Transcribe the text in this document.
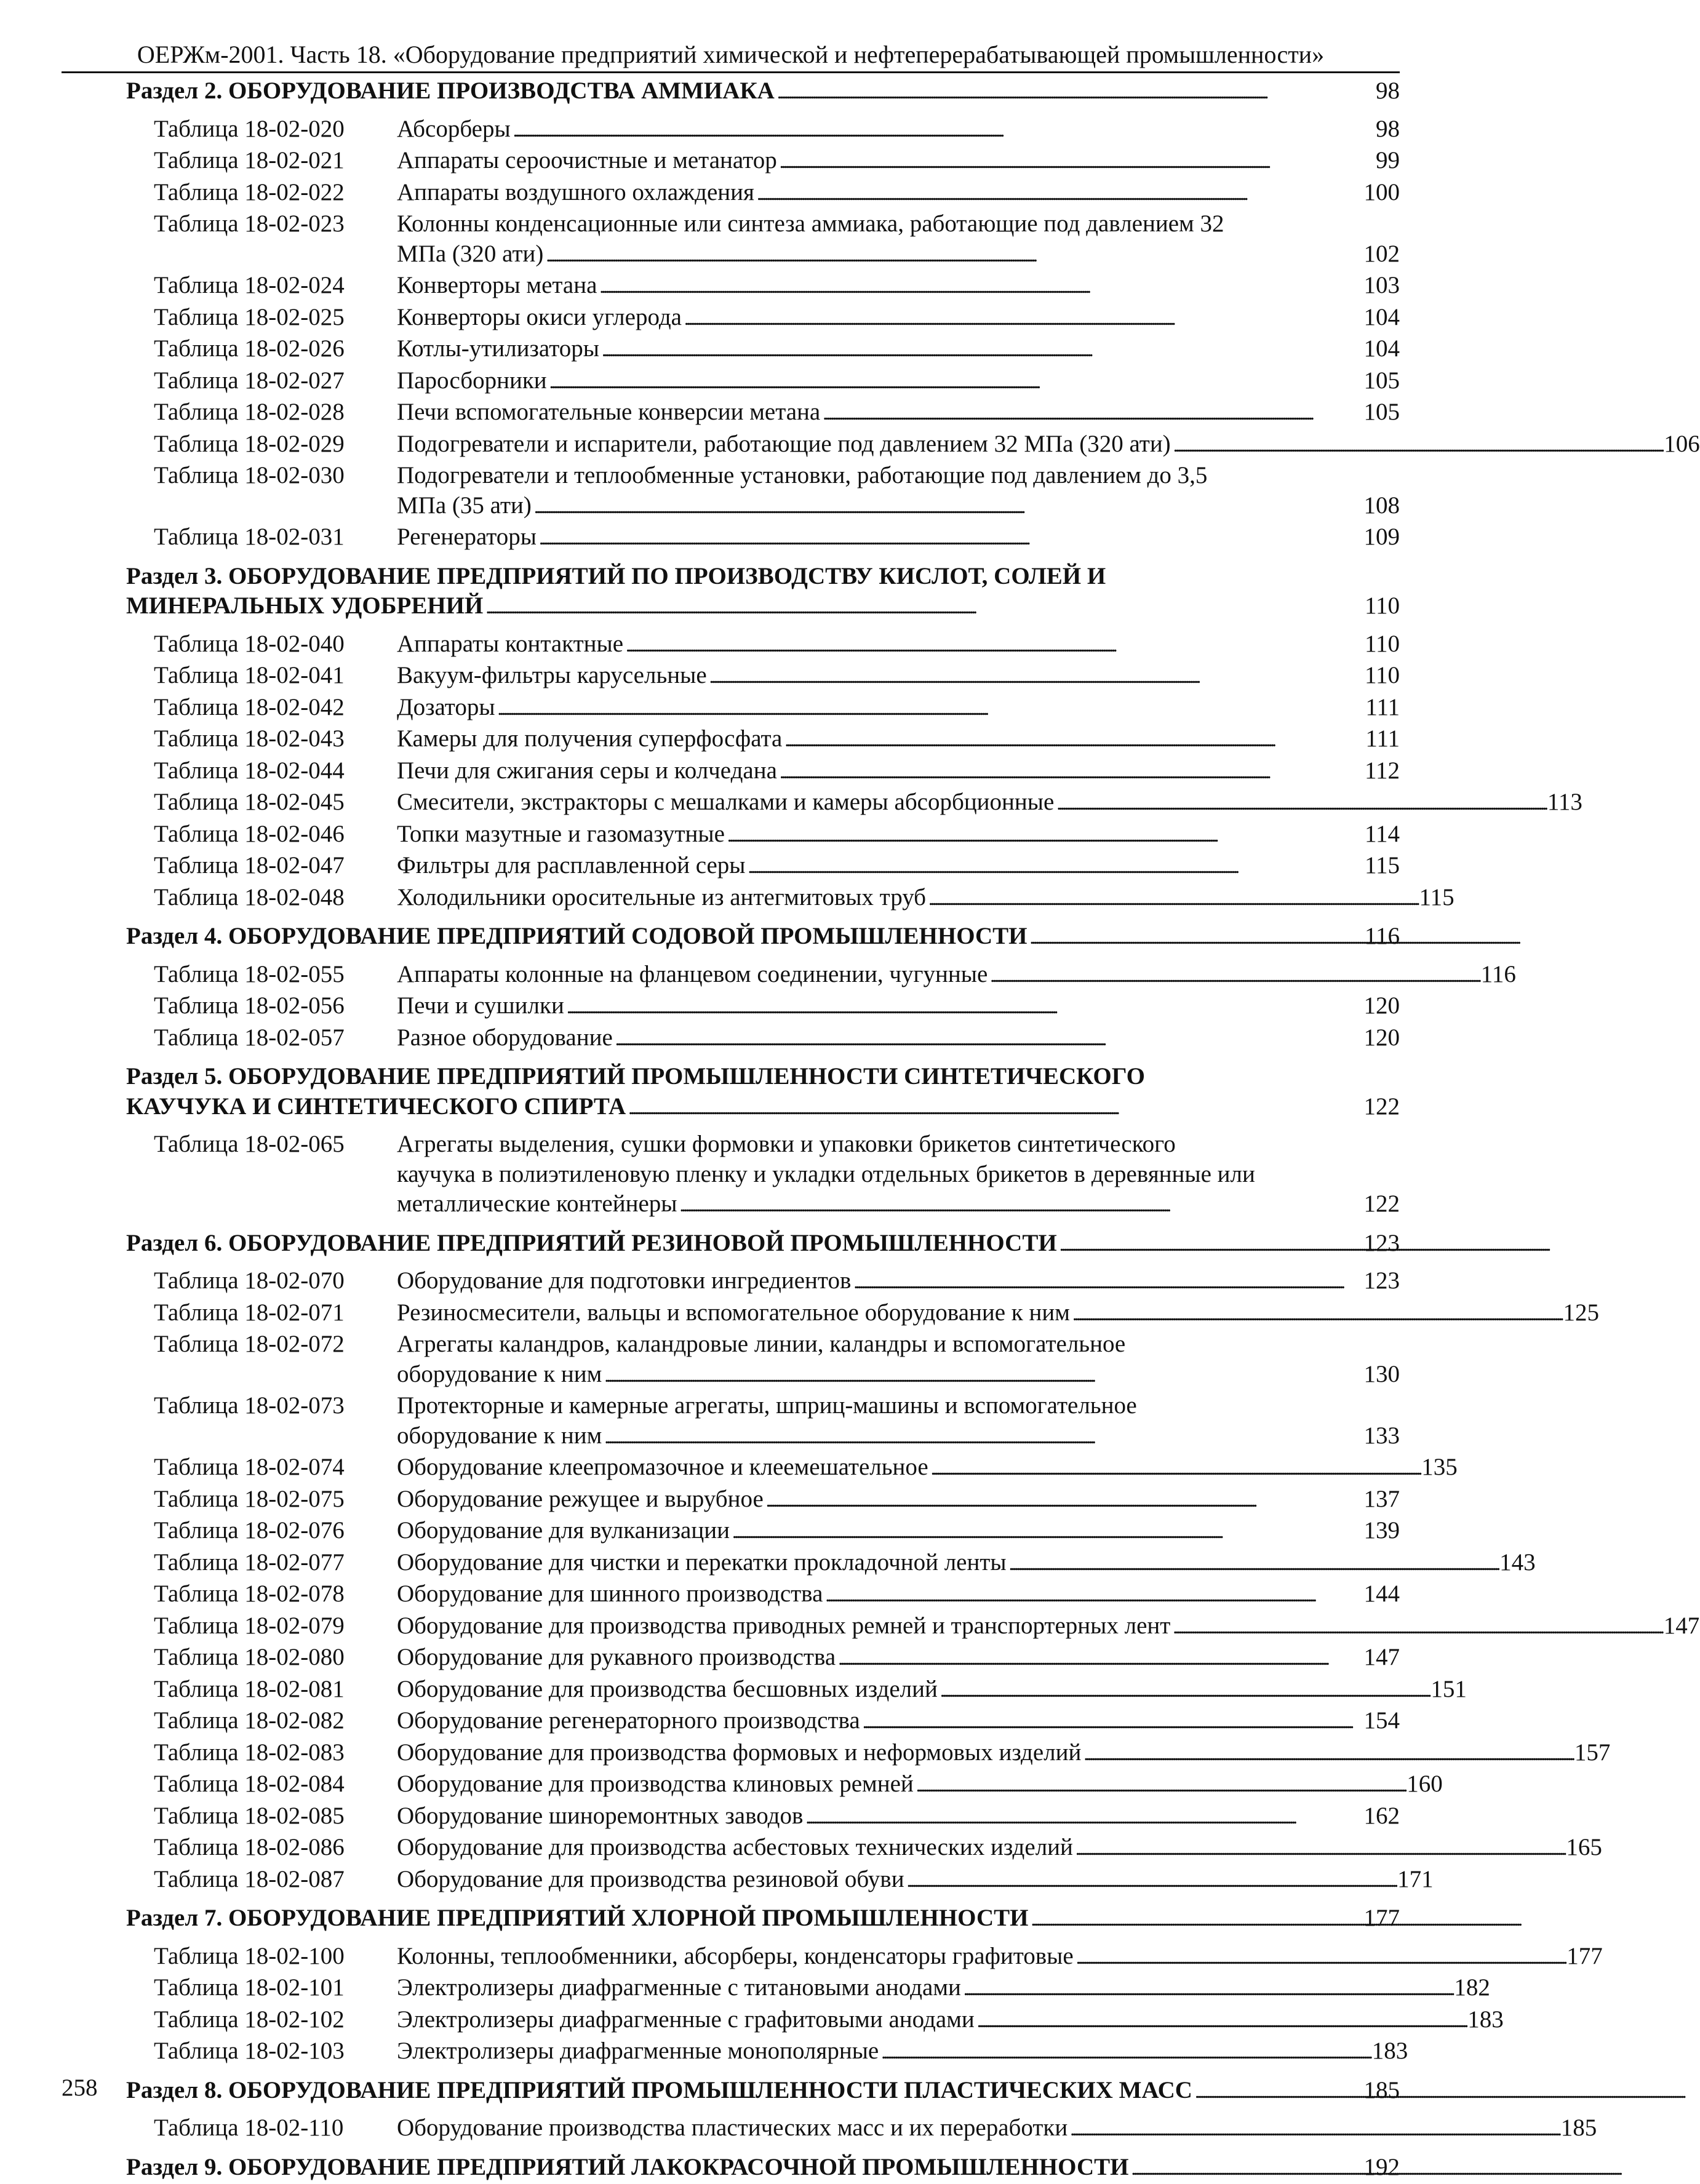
ОЕРЖм-2001. Часть 18. «Оборудование предприятий химической и нефтеперерабатывающей промышленности»
Раздел 2. ОБОРУДОВАНИЕ ПРОИЗВОДСТВА АММИАКА . . .	98
Таблица 18-02-020	Абсорберы . . .	98
Таблица 18-02-021	Аппараты сероочистные и метанатор . . .	99
Таблица 18-02-022	Аппараты воздушного охлаждения . . .	100
Таблица 18-02-023	Колонны конденсационные или синтеза аммиака, работающие под давлением 32
МПа (320 ати) . . .	102
Таблица 18-02-024	Конверторы метана . . .	103
Таблица 18-02-025	Конверторы окиси углерода . . .	104
Таблица 18-02-026	Котлы-утилизаторы . . .	104
Таблица 18-02-027	Паросборники . . .	105
Таблица 18-02-028	Печи вспомогательные конверсии метана . . .	105
Таблица 18-02-029	Подогреватели и испарители, работающие под давлением 32 МПа (320 ати) . . .	106
Таблица 18-02-030	Подогреватели и теплообменные установки, работающие под давлением до 3,5
МПа (35 ати) . . .	108
Таблица 18-02-031	Регенераторы . . .	109
Раздел 3. ОБОРУДОВАНИЕ ПРЕДПРИЯТИЙ ПО ПРОИЗВОДСТВУ КИСЛОТ, СОЛЕЙ И
МИНЕРАЛЬНЫХ УДОБРЕНИЙ . . .	110
Таблица 18-02-040	Аппараты контактные . . .	110
Таблица 18-02-041	Вакуум-фильтры карусельные . . .	110
Таблица 18-02-042	Дозаторы . . .	111
Таблица 18-02-043	Камеры для получения суперфосфата . . .	111
Таблица 18-02-044	Печи для сжигания серы и колчедана . . .	112
Таблица 18-02-045	Смесители, экстракторы с мешалками и камеры абсорбционные . . .	113
Таблица 18-02-046	Топки мазутные и газомазутные . . .	114
Таблица 18-02-047	Фильтры для расплавленной серы . . .	115
Таблица 18-02-048	Холодильники оросительные из антегмитовых труб . . .	115
Раздел 4. ОБОРУДОВАНИЕ ПРЕДПРИЯТИЙ СОДОВОЙ ПРОМЫШЛЕННОСТИ . . .	116
Таблица 18-02-055	Аппараты колонные на фланцевом соединении, чугунные . . .	116
Таблица 18-02-056	Печи и сушилки . . .	120
Таблица 18-02-057	Разное оборудование . . .	120
Раздел 5. ОБОРУДОВАНИЕ ПРЕДПРИЯТИЙ ПРОМЫШЛЕННОСТИ СИНТЕТИЧЕСКОГО
КАУЧУКА И СИНТЕТИЧЕСКОГО СПИРТА . . .	122
Таблица 18-02-065	Агрегаты выделения, сушки формовки и упаковки брикетов синтетического
каучука в полиэтиленовую пленку и укладки отдельных брикетов в деревянные или
металлические контейнеры . . .	122
Раздел 6. ОБОРУДОВАНИЕ ПРЕДПРИЯТИЙ РЕЗИНОВОЙ ПРОМЫШЛЕННОСТИ . . .	123
Таблица 18-02-070	Оборудование для подготовки ингредиентов . . .	123
Таблица 18-02-071	Резиносмесители, вальцы и вспомогательное оборудование к ним . . .	125
Таблица 18-02-072	Агрегаты каландров, каландровые линии, каландры и вспомогательное
оборудование к ним . . .	130
Таблица 18-02-073	Протекторные и камерные агрегаты, шприц-машины и вспомогательное
оборудование к ним . . .	133
Таблица 18-02-074	Оборудование клеепромазочное и клеемешательное . . .	135
Таблица 18-02-075	Оборудование режущее и вырубное . . .	137
Таблица 18-02-076	Оборудование для вулканизации . . .	139
Таблица 18-02-077	Оборудование для чистки и перекатки прокладочной ленты . . .	143
Таблица 18-02-078	Оборудование для шинного производства . . .	144
Таблица 18-02-079	Оборудование для производства приводных ремней и транспортерных лент . . .	147
Таблица 18-02-080	Оборудование для рукавного производства . . .	147
Таблица 18-02-081	Оборудование для производства бесшовных изделий . . .	151
Таблица 18-02-082	Оборудование регенераторного производства . . .	154
Таблица 18-02-083	Оборудование для производства формовых и неформовых изделий . . .	157
Таблица 18-02-084	Оборудование для производства клиновых ремней . . .	160
Таблица 18-02-085	Оборудование шиноремонтных заводов . . .	162
Таблица 18-02-086	Оборудование для производства асбестовых технических изделий . . .	165
Таблица 18-02-087	Оборудование для производства резиновой обуви . . .	171
Раздел 7. ОБОРУДОВАНИЕ ПРЕДПРИЯТИЙ ХЛОРНОЙ ПРОМЫШЛЕННОСТИ . . .	177
Таблица 18-02-100	Колонны, теплообменники, абсорберы, конденсаторы графитовые . . .	177
Таблица 18-02-101	Электролизеры диафрагменные с титановыми анодами . . .	182
Таблица 18-02-102	Электролизеры диафрагменные с графитовыми анодами . . .	183
Таблица 18-02-103	Электролизеры диафрагменные монополярные . . .	183
Раздел 8. ОБОРУДОВАНИЕ ПРЕДПРИЯТИЙ ПРОМЫШЛЕННОСТИ ПЛАСТИЧЕСКИХ МАСС . . .	185
Таблица 18-02-110	Оборудование производства пластических масс и их переработки . . .	185
Раздел 9. ОБОРУДОВАНИЕ ПРЕДПРИЯТИЙ ЛАКОКРАСОЧНОЙ ПРОМЫШЛЕННОСТИ . . .	192
258
